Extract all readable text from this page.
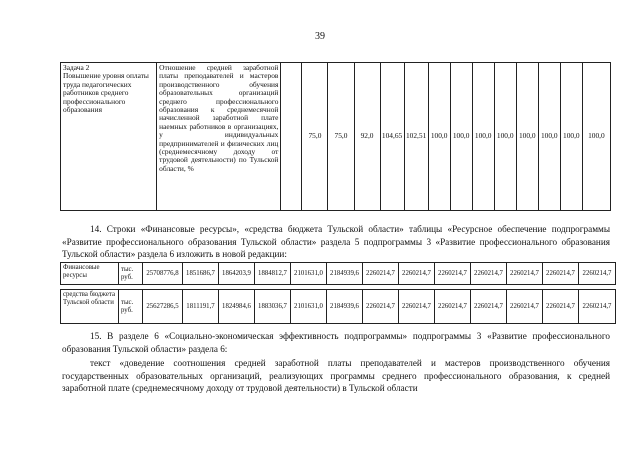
39
Задача 2
Повышение уровня оплаты труда педагогических работников среднего профессионального образования	Отношение средней заработной платы преподавателей и мастеров производственного обучения образовательных организаций среднего профессионального образования к среднемесячной начисленной заработной плате наемных работников в организациях, у индивидуальных предпринимателей и физических лиц (среднемесячному доходу от трудовой деятельности) по Тульской области, %		75,0	75,0	92,0	104,65	102,51	100,0	100,0	100,0	100,0	100,0	100,0	100,0	100,0
14. Строки «Финансовые ресурсы», «средства бюджета Тульской области» таблицы «Ресурсное обеспечение подпрограммы «Развитие профессионального образования Тульской области» раздела 5 подпрограммы 3 «Развитие профессионального образования Тульской области» раздела 6 изложить в новой редакции:
Финансовые ресурсы	тыс. руб.	25708776,8	1851686,7	1864203,9	1884812,7	2101631,0	2184939,6	2260214,7	2260214,7	2260214,7	2260214,7	2260214,7	2260214,7	2260214,7
средства бюджета Тульской области	тыс. руб.	25627286,5	1811191,7	1824984,6	1883036,7	2101631,0	2184939,6	2260214,7	2260214,7	2260214,7	2260214,7	2260214,7	2260214,7	2260214,7
15. В разделе 6 «Социально-экономическая эффективность подпрограммы» подпрограммы 3 «Развитие профессионального образования Тульской области» раздела 6:
текст «доведение соотношения средней заработной платы преподавателей и мастеров производственного обучения государственных образовательных организаций, реализующих программы среднего профессионального образования, к средней заработной плате (среднемесячному доходу от трудовой деятельности) в Тульской области
